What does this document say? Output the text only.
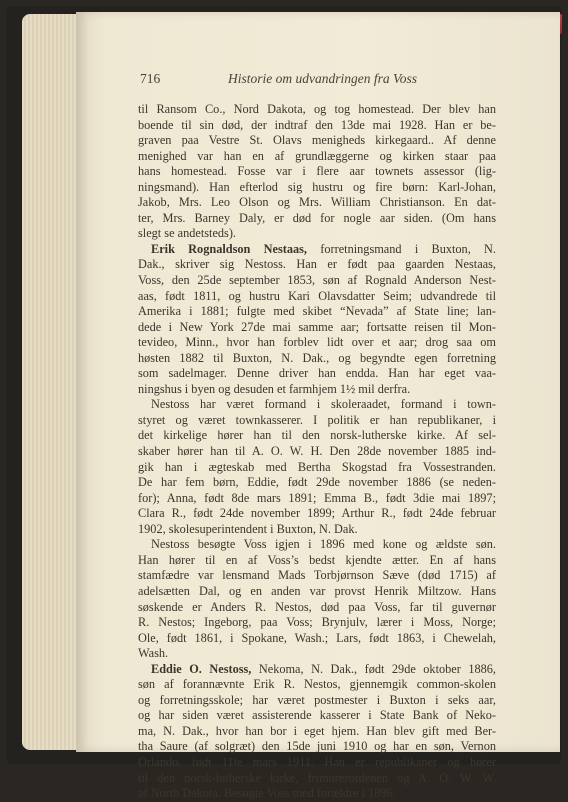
716	Historie om udvandringen fra Voss
til Ransom Co., Nord Dakota, og tog homestead. Der blev han
boende til sin død, der indtraf den 13de mai 1928. Han er be-
graven paa Vestre St. Olavs menigheds kirkegaard.. Af denne
menighed var han en af grundlæggerne og kirken staar paa
hans homestead. Fosse var i flere aar townets assessor (lig-
ningsmand). Han efterlod sig hustru og fire børn: Karl-Johan,
Jakob, Mrs. Leo Olson og Mrs. William Christianson. En dat-
ter, Mrs. Barney Daly, er død for nogle aar siden. (Om hans
slegt se andetsteds).
Erik Rognaldson Nestaas, forretningsmand i Buxton, N.
Dak., skriver sig Nestoss. Han er født paa gaarden Nestaas,
Voss, den 25de september 1853, søn af Rognald Anderson Nest-
aas, født 1811, og hustru Kari Olavsdatter Seim; udvandrede til
Amerika i 1881; fulgte med skibet “Nevada” af State line; lan-
dede i New York 27de mai samme aar; fortsatte reisen til Mon-
tevideo, Minn., hvor han forblev lidt over et aar; drog saa om
høsten 1882 til Buxton, N. Dak., og begyndte egen forretning
som sadelmager. Denne driver han endda. Han har eget vaa-
ningshus i byen og desuden et farmhjem 1½ mil derfra.
Nestoss har været formand i skoleraadet, formand i town-
styret og været townkasserer. I politik er han republikaner, i
det kirkelige hører han til den norsk-lutherske kirke. Af sel-
skaber hører han til A. O. W. H. Den 28de november 1885 ind-
gik han i ægteskab med Bertha Skogstad fra Vossestranden.
De har fem børn, Eddie, født 29de november 1886 (se neden-
for); Anna, født 8de mars 1891; Emma B., født 3die mai 1897;
Clara R., født 24de november 1899; Arthur R., født 24de februar
1902, skolesuperintendent i Buxton, N. Dak.
Nestoss besøgte Voss igjen i 1896 med kone og ældste søn.
Han hører til en af Voss’s bedst kjendte ætter. En af hans
stamfædre var lensmand Mads Torbjørnson Sæve (død 1715) af
adelsætten Dal, og en anden var provst Henrik Miltzow. Hans
søskende er Anders R. Nestos, død paa Voss, far til guvernør
R. Nestos; Ingeborg, paa Voss; Brynjulv, lærer i Moss, Norge;
Ole, født 1861, i Spokane, Wash.; Lars, født 1863, i Chewelah,
Wash.
Eddie O. Nestoss, Nekoma, N. Dak., født 29de oktober 1886,
søn af forannævnte Erik R. Nestos, gjennemgik common-skolen
og forretningsskole; har været postmester i Buxton i seks aar,
og har siden været assisterende kasserer i State Bank of Neko-
ma, N. Dak., hvor han bor i eget hjem. Han blev gift med Ber-
tha Saure (af solgræt) den 15de juni 1910 og har en søn, Vernon
Orlando, født 11te mars 1911. Han er republikaner og hører
til den norsk-lutherske kirke, frimurerordenen og A. O. W. W.
af North Dakota. Besøgte Voss med forældre i 1896.
